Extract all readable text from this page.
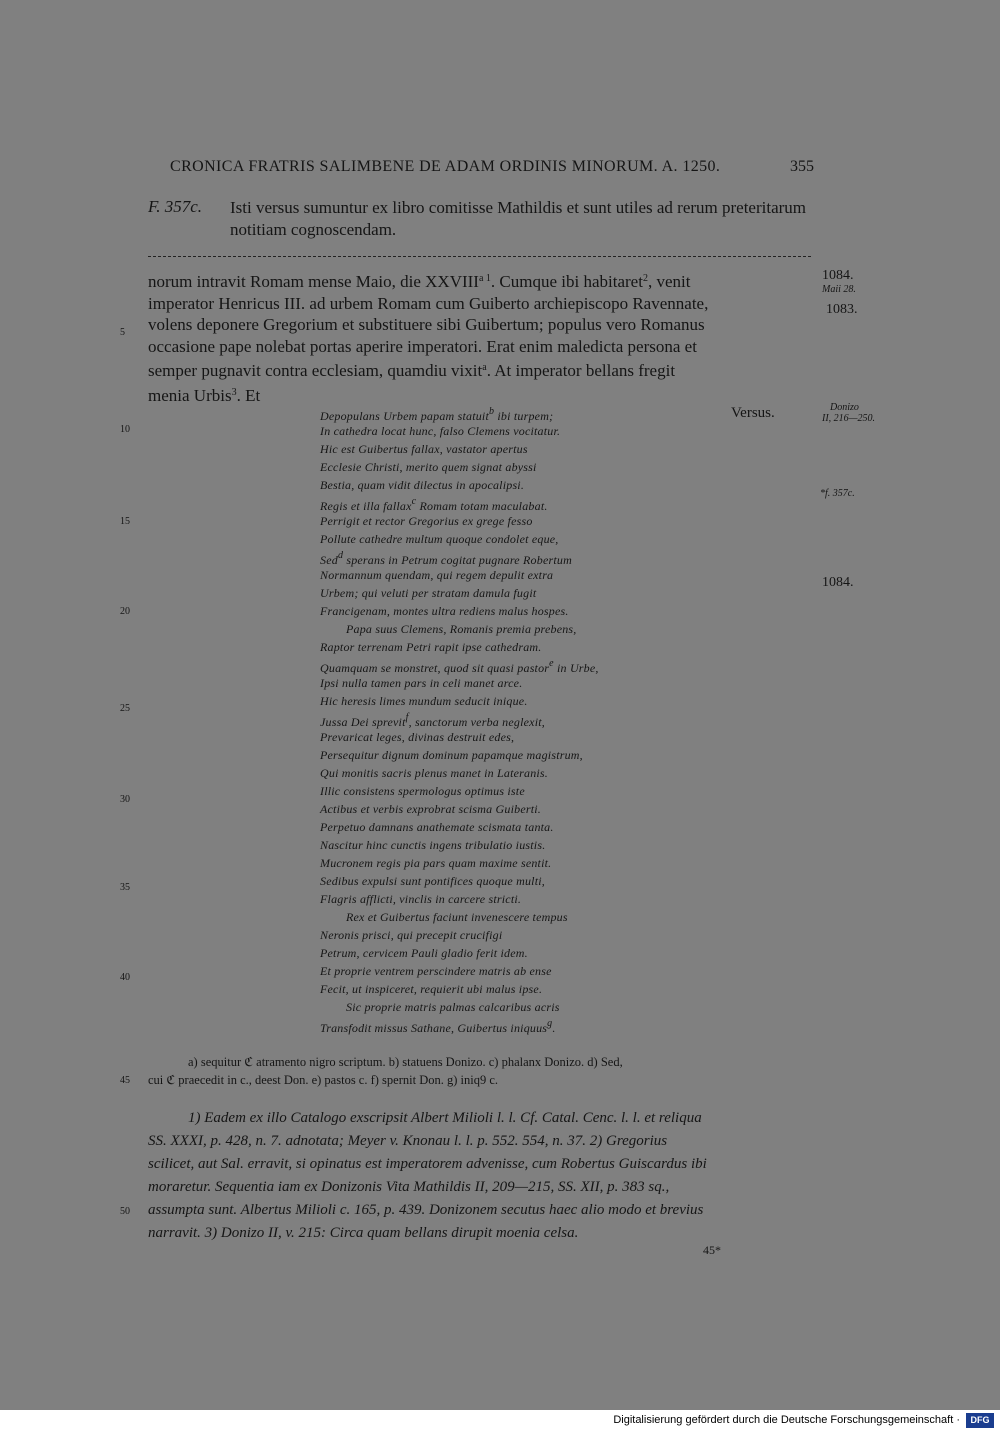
CRONICA FRATRIS SALIMBENE DE ADAM ORDINIS MINORUM. A. 1250.	355
F. 357c. Isti versus sumuntur ex libro comitisse Mathildis et sunt utiles ad rerum preteritarum notitiam cognoscendam.
norum intravit Romam mense Maio, die $XXVIII^{a 1}$. Cumque ibi habitaret$^2$, venit
imperator Henricus III. ad urbem Romam cum Guiberto archiepiscopo Ravennate,
volens deponere Gregorium et substituere sibi Guibertum; populus vero Romanus
occasione pape nolebat portas aperire imperatori. Erat enim maledicta persona et
semper pugnavit contra ecclesiam, quamdiu vixit$^a$. At imperator bellans fregit
menia Urbis$^3$. Et
1084.
Maii 28.
1083.
Donizo
II, 216—250.
*f. 357c.
1084.
Versus.
5
10
15
20
25
30
35
40
45
50
Depopulans Urbem papam statuit$^b$ ibi turpem;
In cathedra locat hunc, falso Clemens vocitatur.
Hic est Guibertus fallax, vastator apertus
Ecclesie Christi, merito quem signat abyssi
Bestia, quam vidit dilectus in apocalipsi.
Regis et illa fallax$^c$ Romam totam maculabat.
Perrigit et rector Gregorius ex grege fesso
Pollute cathedre multum quoque condolet eque,
Sed$^d$ sperans in Petrum cogitat pugnare Robertum
Normannum quendam, qui regem depulit extra
Urbem; qui veluti per stratam damula fugit
Francigenam, montes ultra rediens malus hospes.
Papa suus Clemens, Romanis premia prebens,
Raptor terrenam Petri rapit ipse cathedram.
Quamquam se monstret, quod sit quasi pastor$^e$ in Urbe,
Ipsi nulla tamen pars in celi manet arce.
Hic heresis limes mundum seducit inique.
Jussa Dei sprevit$^f$, sanctorum verba neglexit,
Prevaricat leges, divinas destruit edes,
Persequitur dignum dominum papamque magistrum,
Qui monitis sacris plenus manet in Lateranis.
Illic consistens spermologus optimus iste
Actibus et verbis exprobrat scisma Guiberti.
Perpetuo damnans anathemate scismata tanta.
Nascitur hinc cunctis ingens tribulatio iustis.
Mucronem regis pia pars quam maxime sentit.
Sedibus expulsi sunt pontifices quoque multi,
Flagris afflicti, vinclis in carcere stricti.
Rex et Guibertus faciunt invenescere tempus
Neronis prisci, qui precepit crucifigi
Petrum, cervicem Pauli gladio ferit idem.
Et proprie ventrem perscindere matris ab ense
Fecit, ut inspiceret, requierit ubi malus ipse.
Sic proprie matris palmas calcaribus acris
Transfodit missus Sathane, Guibertus iniquus$^g$.
a) sequitur ℭ atramento nigro scriptum. b) statuens Donizo. c) phalanx Donizo. d) Sed,
cui ℭ praecedit in c., deest Don. e) pastos c. f) spernit Don. g) iniq9 c.
1) Eadem ex illo Catalogo exscripsit Albert Milioli l. l. Cf. Catal. Cenc. l. l. et reliqua
SS. XXXI, p. 428, n. 7. adnotata; Meyer v. Knonau l. l. p. 552. 554, n. 37. 2) Gregorius
scilicet, aut Sal. erravit, si opinatus est imperatorem advenisse, cum Robertus Guiscardus ibi
moraretur. Sequentia iam ex Donizonis Vita Mathildis II, 209—215, SS. XII, p. 383 sq.,
assumpta sunt. Albertus Milioli c. 165, p. 439. Donizonem secutus haec alio modo et brevius
narravit. 3) Donizo II, v. 215: Circa quam bellans dirupit moenia celsa.
45*
Digitalisierung gefördert durch die Deutsche Forschungsgemeinschaft ·	DFG
